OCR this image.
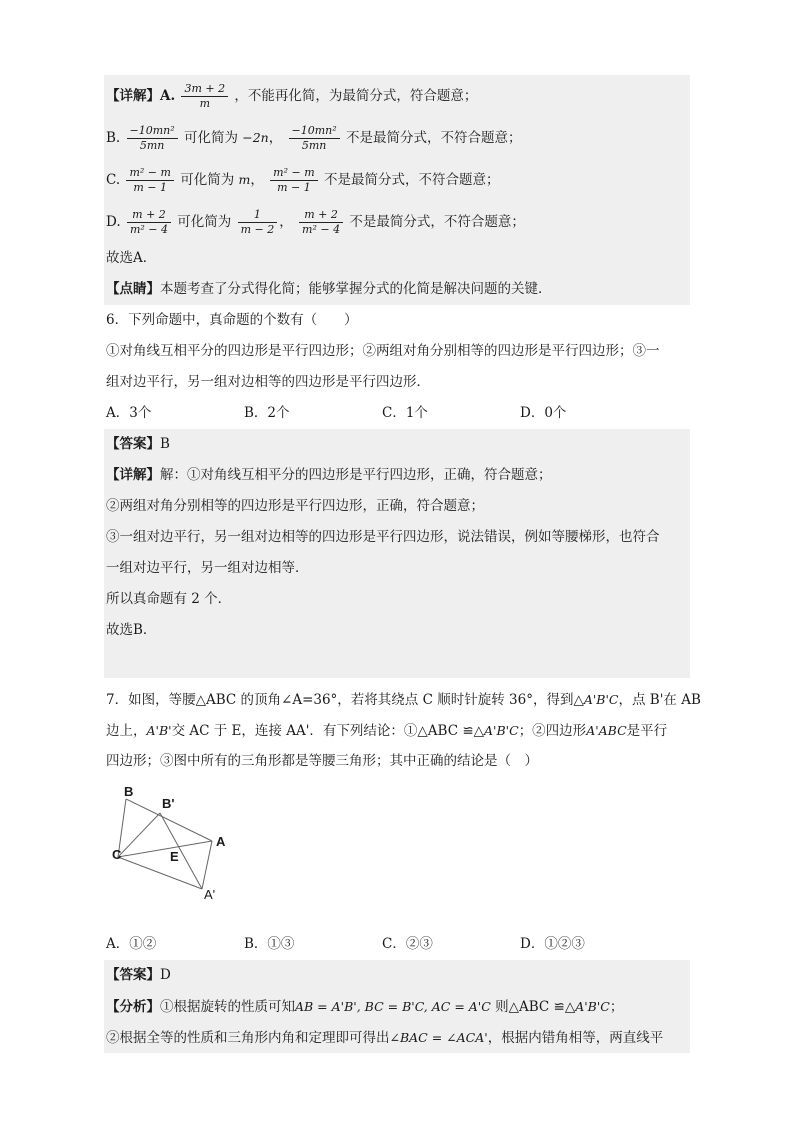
【详解】A. $\frac{3m + 2}{m}$ ，不能再化简，为最简分式，符合题意；
B. $\frac{\text{−10mn²}}{5mn}$ 可化简为 −2n， $\frac{\text{−10mn²}}{5mn}$ 不是最简分式，不符合题意；
C. $\frac{\text{m² − m}}{m - 1}$ 可化简为 m， $\frac{\text{m² − m}}{m - 1}$ 不是最简分式，不符合题意；
D. $\frac{m + 2}{\text{m² − 4}}$ 可化简为 $\frac{1}{m - 2}$ ， $\frac{m + 2}{\text{m² − 4}}$ 不是最简分式，不符合题意；
故选A．
【点睛】本题考查了分式得化简；能够掌握分式的化简是解决问题的关键．
6．下列命题中，真命题的个数有（　　）
①对角线互相平分的四边形是平行四边形；②两组对角分别相等的四边形是平行四边形；③一
组对边平行，另一组对边相等的四边形是平行四边形．
A．3个	B．2个	C．1个	D．0个
【答案】B
【详解】解：①对角线互相平分的四边形是平行四边形，正确，符合题意；
②两组对角分别相等的四边形是平行四边形，正确，符合题意；
③一组对边平行，另一组对边相等的四边形是平行四边形，说法错误，例如等腰梯形，也符合
一组对边平行，另一组对边相等．
所以真命题有 2 个．
故选B．
7．如图，等腰△ABC 的顶角∠A=36°，若将其绕点 C 顺时针旋转 36°，得到△A'B'C，点 B'在 AB
边上，A'B'交 AC 于 E，连接 AA'．有下列结论：①△ABC ≌△A'B'C；②四边形A'ABC是平行
四边形；③图中所有的三角形都是等腰三角形；其中正确的结论是（　）
B
B'
A
C	E
A'
A．①②	B．①③	C．②③	D．①②③
【答案】D
【分析】①根据旋转的性质可知AB = A'B', BC = B'C, AC = A'C 则△ABC ≌△A'B'C；
②根据全等的性质和三角形内角和定理即可得出∠BAC = ∠ACA'，根据内错角相等，两直线平
